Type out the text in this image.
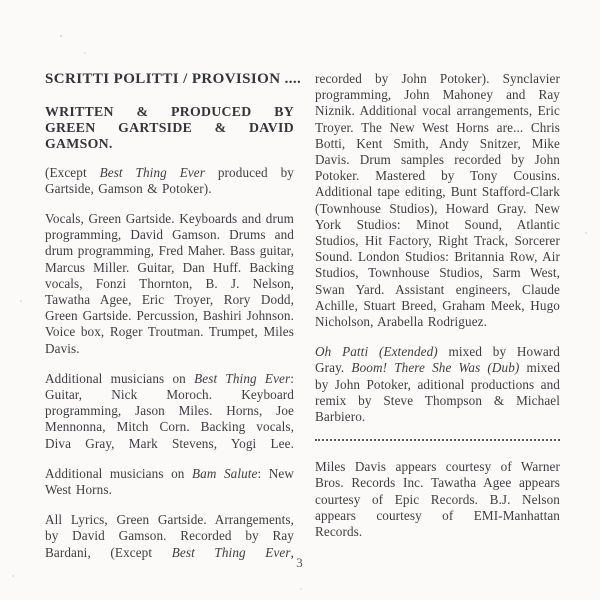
SCRITTI POLITTI / PROVISION ....

WRITTEN & PRODUCED BY GREEN GARTSIDE & DAVID GAMSON.

(Except Best Thing Ever produced by Gartside, Gamson & Potoker).

Vocals, Green Gartside. Keyboards and drum programming, David Gamson. Drums and drum programming, Fred Maher. Bass guitar, Marcus Miller. Guitar, Dan Huff. Backing vocals, Fonzi Thornton, B. J. Nelson, Tawatha Agee, Eric Troyer, Rory Dodd, Green Gartside. Percussion, Bashiri Johnson. Voice box, Roger Troutman. Trumpet, Miles Davis.

Additional musicians on Best Thing Ever: Guitar, Nick Moroch. Keyboard programming, Jason Miles. Horns, Joe Mennonna, Mitch Corn. Backing vocals, Diva Gray, Mark Stevens, Yogi Lee.

Additional musicians on Bam Salute: New West Horns.

All Lyrics, Green Gartside. Arrangements, by David Gamson. Recorded by Ray Bardani, (Except Best Thing Ever,

recorded by John Potoker). Synclavier programming, John Mahoney and Ray Niznik. Additional vocal arrangements, Eric Troyer. The New West Horns are... Chris Botti, Kent Smith, Andy Snitzer, Mike Davis. Drum samples recorded by John Potoker. Mastered by Tony Cousins. Additional tape editing, Bunt Stafford-Clark (Townhouse Studios), Howard Gray. New York Studios: Minot Sound, Atlantic Studios, Hit Factory, Right Track, Sorcerer Sound. London Studios: Britannia Row, Air Studios, Townhouse Studios, Sarm West, Swan Yard. Assistant engineers, Claude Achille, Stuart Breed, Graham Meek, Hugo Nicholson, Arabella Rodriguez.

Oh Patti (Extended) mixed by Howard Gray. Boom! There She Was (Dub) mixed by John Potoker, aditional productions and remix by Steve Thompson & Michael Barbiero.

Miles Davis appears courtesy of Warner Bros. Records Inc. Tawatha Agee appears courtesy of Epic Records. B.J. Nelson appears courtesy of EMI-Manhattan Records.

3
